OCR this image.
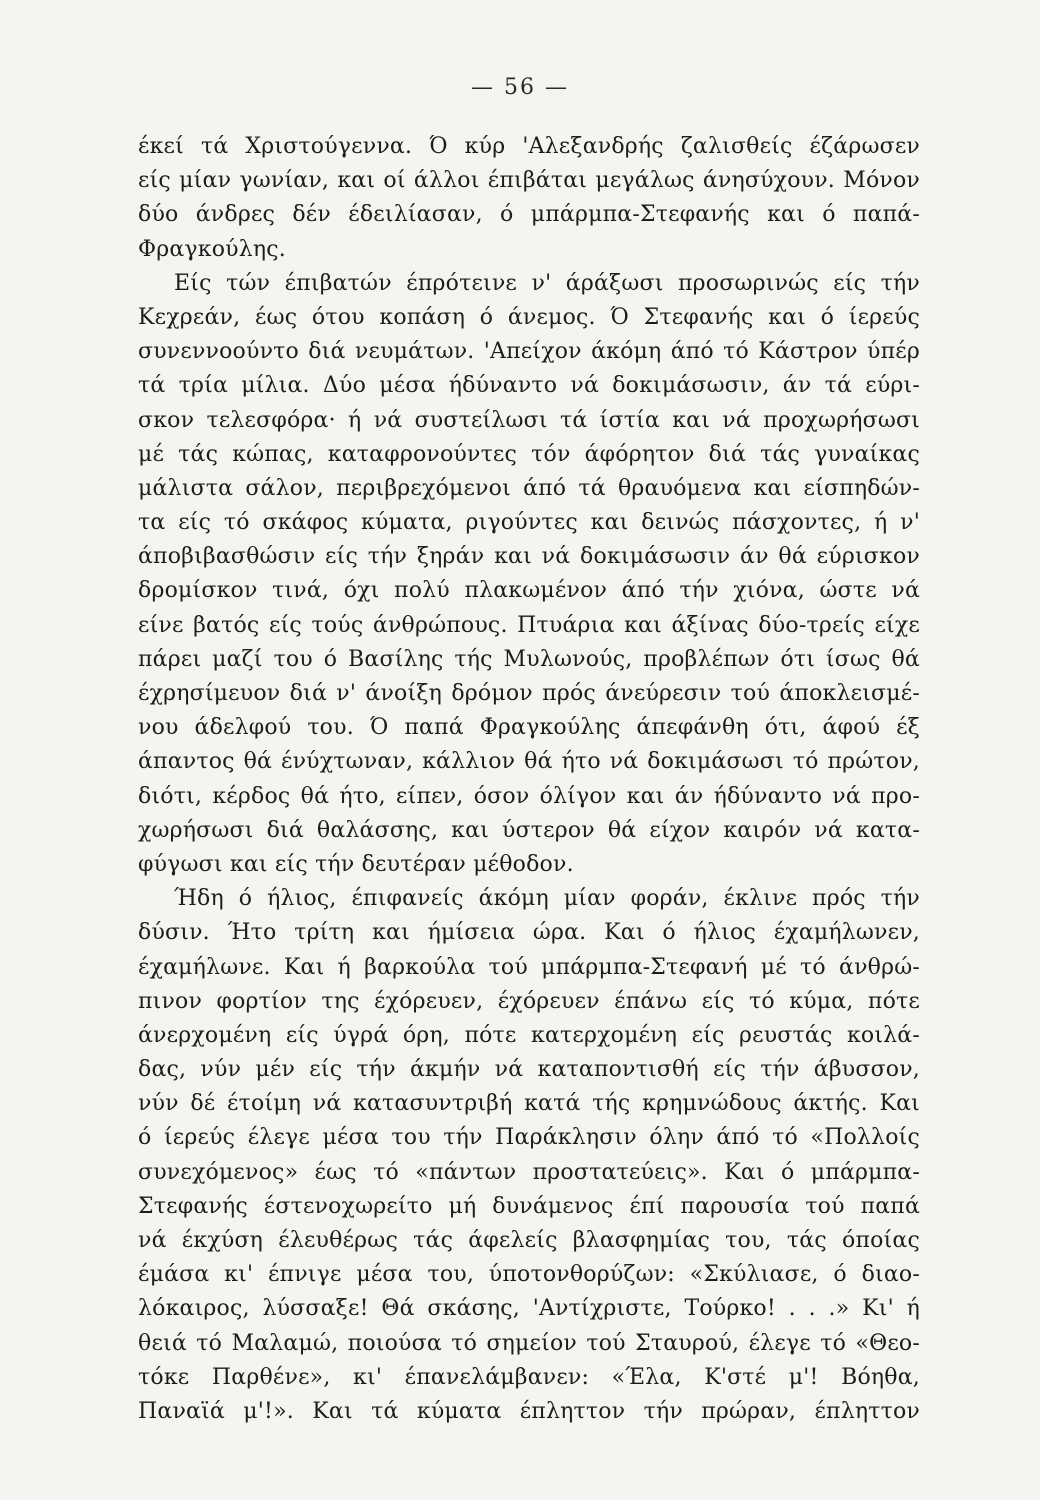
— 56 —
έκεί τά Χριστούγεννα. Ό κύρ 'Αλεξανδρής ζαλισθείς έζάρωσεν
είς μίαν γωνίαν, και οί άλλοι έπιβάται μεγάλως άνησύχουν. Μόνον
δύο άνδρες δέν έδειλίασαν, ό μπάρμπα-Στεφανής και ό παπά-
Φραγκούλης.
Είς τών έπιβατών έπρότεινε ν' άράξωσι προσωρινώς είς τήν
Κεχρεάν, έως ότου κοπάση ό άνεμος. Ό Στεφανής και ό ίερεύς
συνεννοούντο διά νευμάτων. 'Απείχον άκόμη άπό τό Κάστρον ύπέρ
τά τρία μίλια. Δύο μέσα ήδύναντο νά δοκιμάσωσιν, άν τά εύρι-
σκον τελεσφόρα· ή νά συστείλωσι τά ίστία και νά προχωρήσωσι
μέ τάς κώπας, καταφρονούντες τόν άφόρητον διά τάς γυναίκας
μάλιστα σάλον, περιβρεχόμενοι άπό τά θραυόμενα και είσπηδών-
τα είς τό σκάφος κύματα, ριγούντες και δεινώς πάσχοντες, ή ν'
άποβιβασθώσιν είς τήν ξηράν και νά δοκιμάσωσιν άν θά εύρισκον
δρομίσκον τινά, όχι πολύ πλακωμένον άπό τήν χιόνα, ώστε νά
είνε βατός είς τούς άνθρώπους. Πτυάρια και άξίνας δύο-τρείς είχε
πάρει μαζί του ό Βασίλης τής Μυλωνούς, προβλέπων ότι ίσως θά
έχρησίμευον διά ν' άνοίξη δρόμον πρός άνεύρεσιν τού άποκλεισμέ-
νου άδελφού του. Ό παπά Φραγκούλης άπεφάνθη ότι, άφού έξ
άπαντος θά ένύχτωναν, κάλλιον θά ήτο νά δοκιμάσωσι τό πρώτον,
διότι, κέρδος θά ήτο, είπεν, όσον όλίγον και άν ήδύναντο νά προ-
χωρήσωσι διά θαλάσσης, και ύστερον θά είχον καιρόν νά κατα-
φύγωσι και είς τήν δευτέραν μέθοδον.
Ήδη ό ήλιος, έπιφανείς άκόμη μίαν φοράν, έκλινε πρός τήν
δύσιν. Ήτο τρίτη και ήμίσεια ώρα. Και ό ήλιος έχαμήλωνεν,
έχαμήλωνε. Και ή βαρκούλα τού μπάρμπα-Στεφανή μέ τό άνθρώ-
πινον φορτίον της έχόρευεν, έχόρευεν έπάνω είς τό κύμα, πότε
άνερχομένη είς ύγρά όρη, πότε κατερχομένη είς ρευστάς κοιλά-
δας, νύν μέν είς τήν άκμήν νά καταποντισθή είς τήν άβυσσον,
νύν δέ έτοίμη νά κατασυντριβή κατά τής κρημνώδους άκτής. Και
ό ίερεύς έλεγε μέσα του τήν Παράκλησιν όλην άπό τό «Πολλοίς
συνεχόμενος» έως τό «πάντων προστατεύεις». Και ό μπάρμπα-
Στεφανής έστενοχωρείτο μή δυνάμενος έπί παρουσία τού παπά
νά έκχύση έλευθέρως τάς άφελείς βλασφημίας του, τάς όποίας
έμάσα κι' έπνιγε μέσα του, ύποτονθορύζων: «Σκύλιασε, ό διαο-
λόκαιρος, λύσσαξε! Θά σκάσης, 'Αντίχριστε, Τούρκο! . . .» Κι' ή
θειά τό Μαλαμώ, ποιούσα τό σημείον τού Σταυρού, έλεγε τό «Θεο-
τόκε Παρθένε», κι' έπανελάμβανεν: «Έλα, Κ'στέ μ'! Βόηθα,
Παναϊά μ'!». Και τά κύματα έπληττον τήν πρώραν, έπληττον
